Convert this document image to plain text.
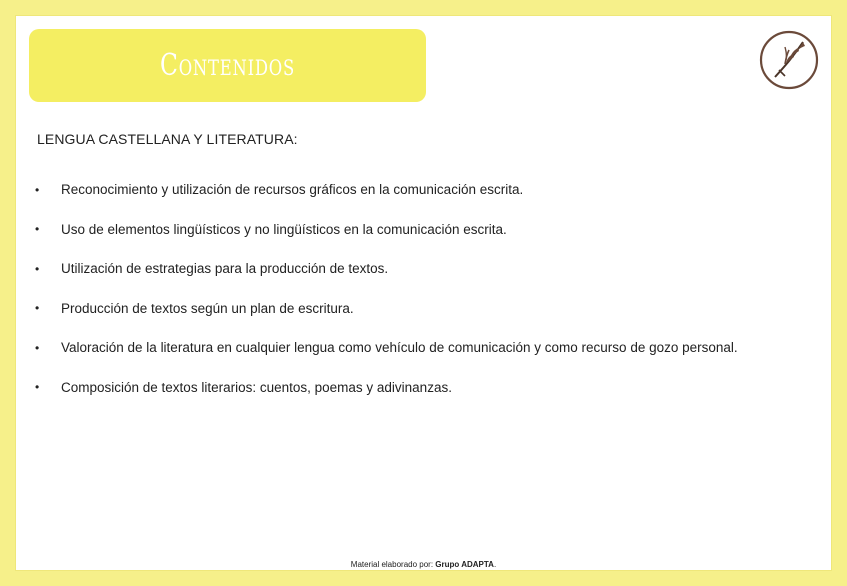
Contenidos
LENGUA CASTELLANA Y LITERATURA:
•	Reconocimiento y utilización de recursos gráficos en la comunicación escrita.
•	Uso de elementos lingüísticos y no lingüísticos en la comunicación escrita.
•	Utilización de estrategias para la producción de textos.
•	Producción de textos según un plan de escritura.
•	Valoración de la literatura en cualquier lengua como vehículo de comunicación y como recurso de gozo personal.
•	Composición de textos literarios: cuentos, poemas y adivinanzas.
Material elaborado por: Grupo ADAPTA.
